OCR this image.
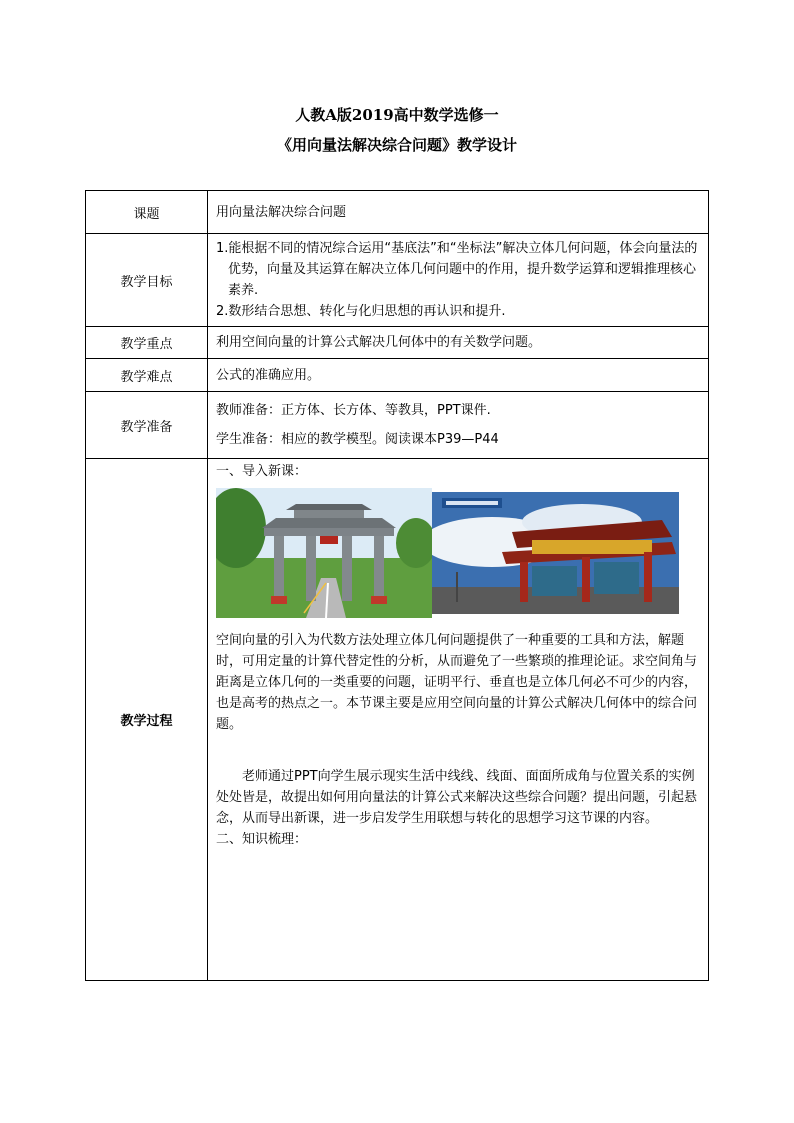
人教A版2019高中数学选修一
《用向量法解决综合问题》教学设计
课题	用向量法解决综合问题
教学目标	1.能根据不同的情况综合运用“基底法”和“坐标法”解决立体几何问题，体会向量法的优势，向量及其运算在解决立体几何问题中的作用，提升数学运算和逻辑推理核心素养.

2.数形结合思想、转化与化归思想的再认识和提升.

教学重点	利用空间向量的计算公式解决几何体中的有关数学问题。
教学难点	公式的准确应用。
教学准备	教师准备：正方体、长方体、等教具，PPT课件.

学生准备：相应的教学模型。阅读课本P39—P44

教学过程	一、导入新课：

空间向量的引入为代数方法处理立体几何问题提供了一种重要的工具和方法，解题时，可用定量的计算代替定性的分析，从而避免了一些繁琐的推理论证。求空间角与距离是立体几何的一类重要的问题，证明平行、垂直也是立体几何必不可少的内容，也是高考的热点之一。本节课主要是应用空间向量的计算公式解决几何体中的综合问题。

老师通过PPT向学生展示现实生活中线线、线面、面面所成角与位置关系的实例处处皆是，故提出如何用向量法的计算公式来解决这些综合问题？提出问题，引起悬念，从而导出新课，进一步启发学生用联想与转化的思想学习这节课的内容。

二、知识梳理：
